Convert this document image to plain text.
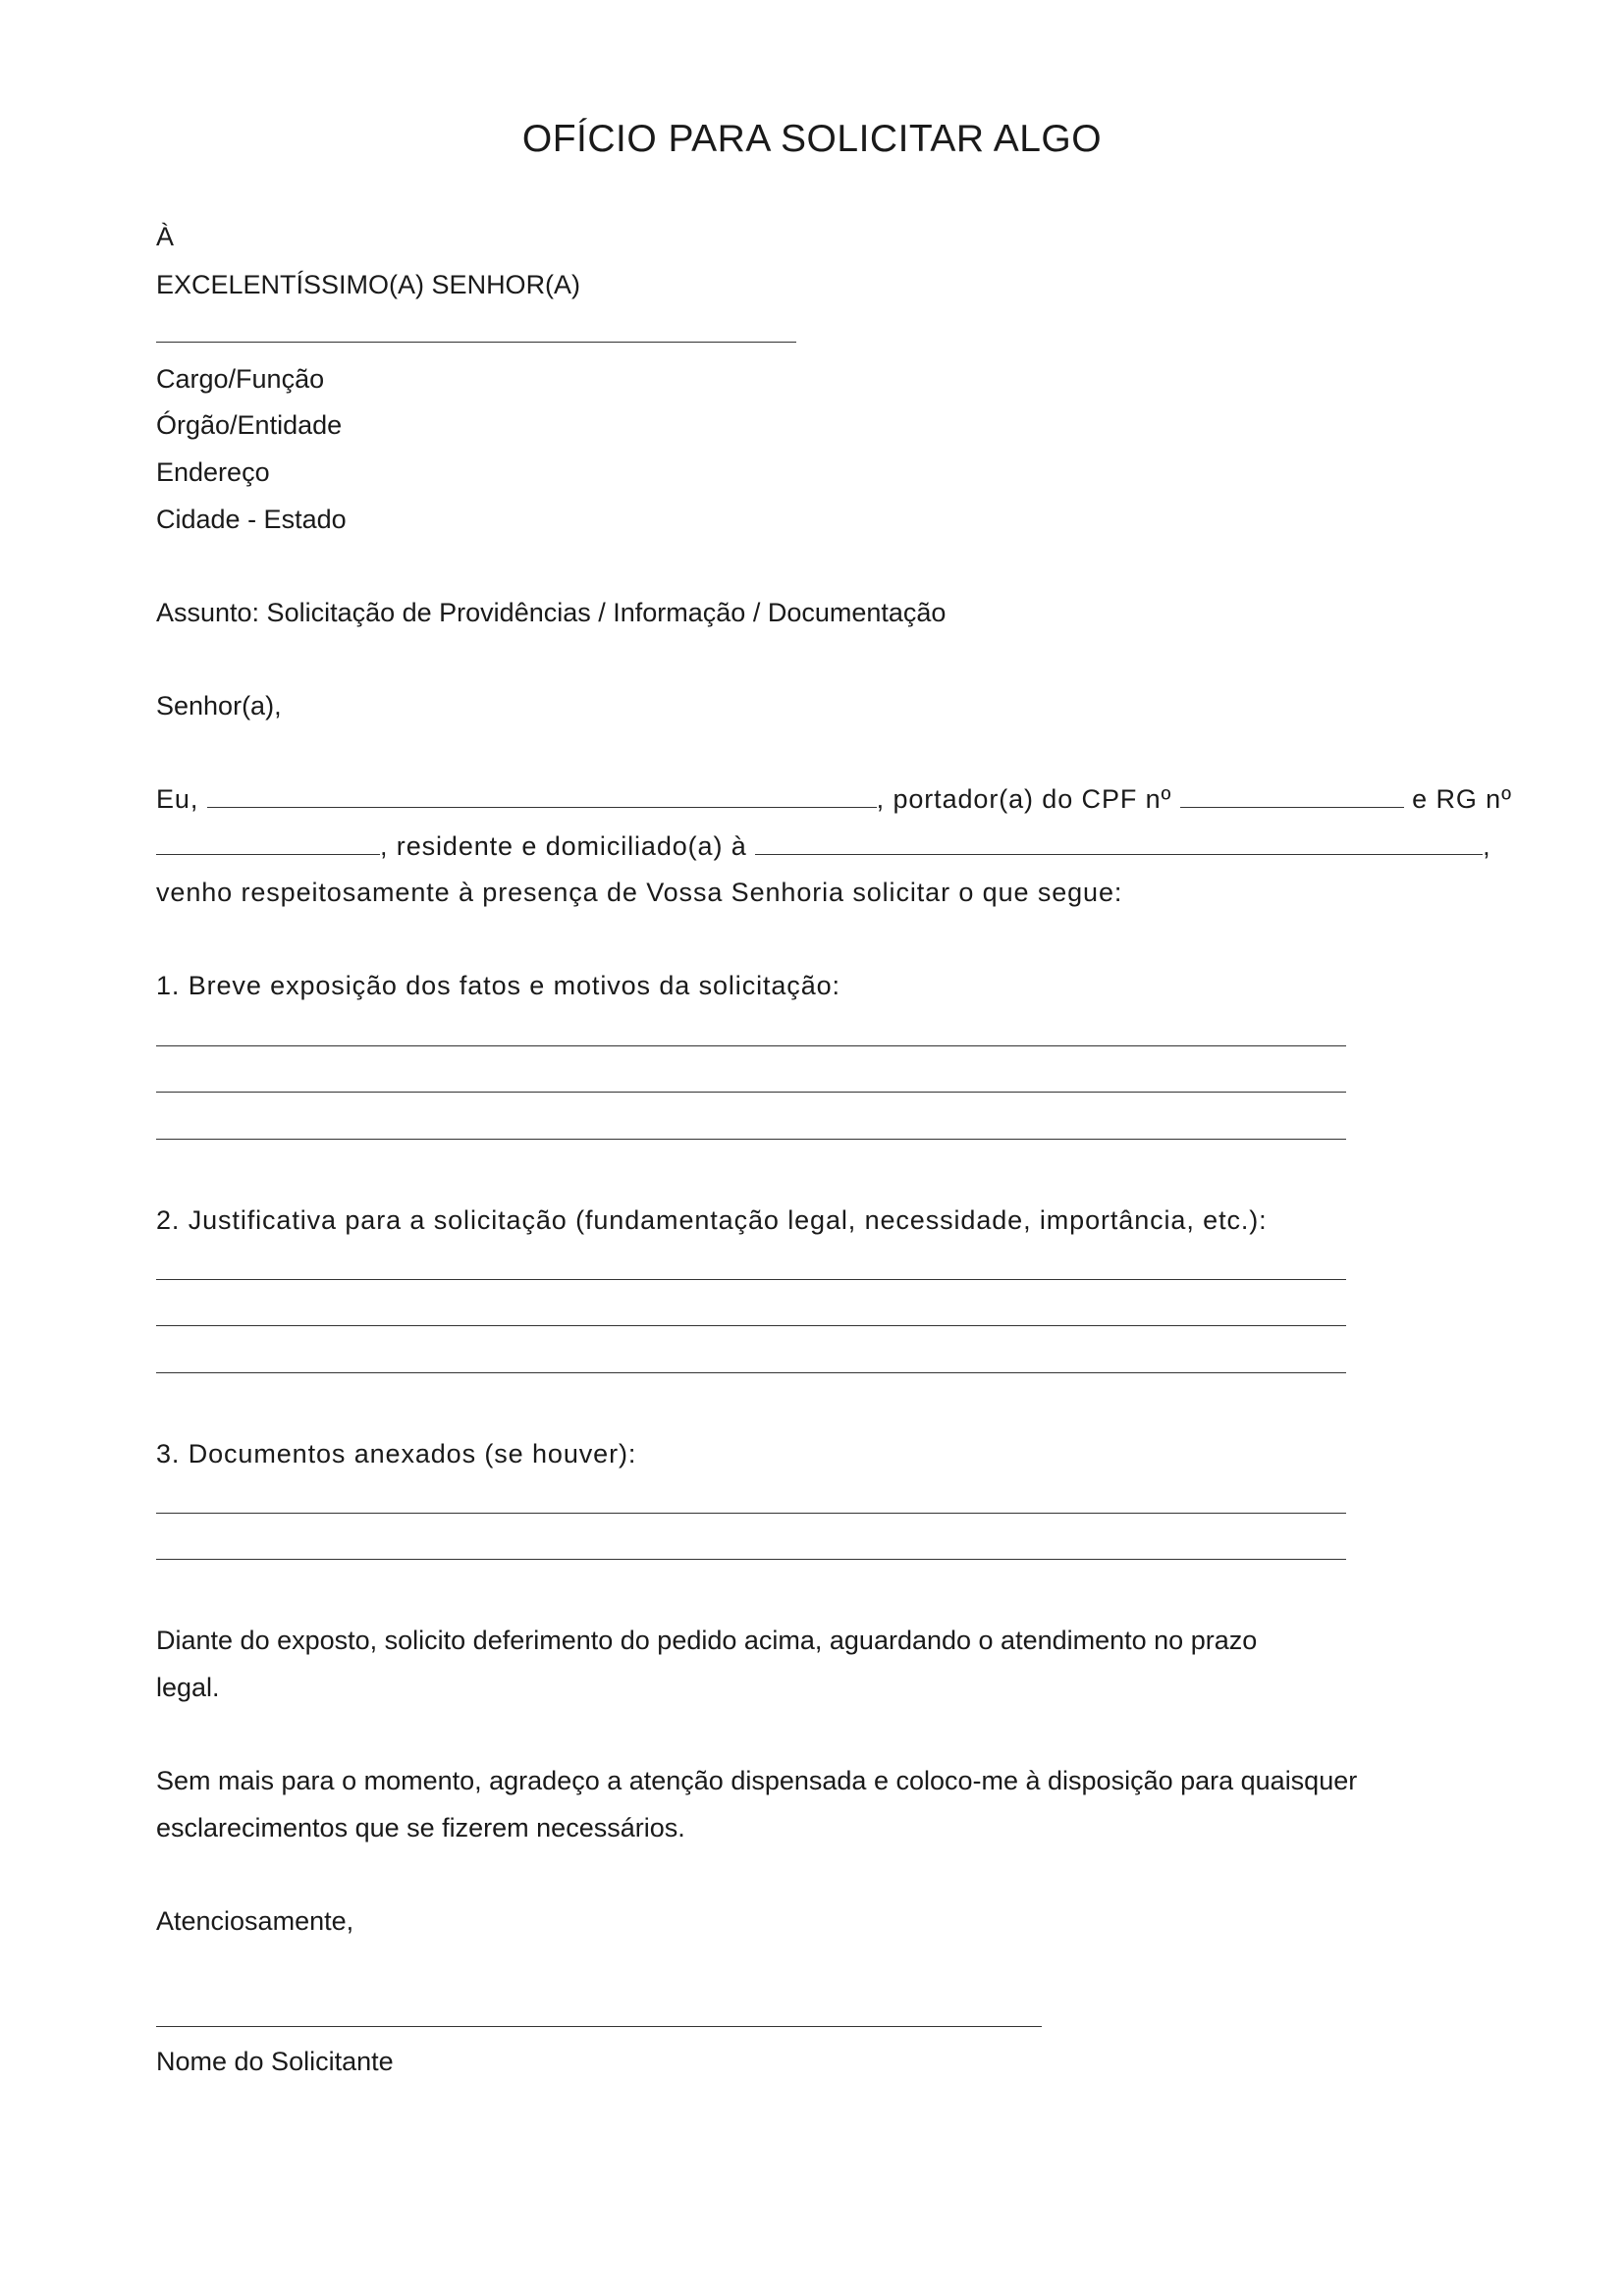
OFÍCIO PARA SOLICITAR ALGO
À
EXCELENTÍSSIMO(A) SENHOR(A)
Cargo/Função
Órgão/Entidade
Endereço
Cidade - Estado
Assunto: Solicitação de Providências / Informação / Documentação
Senhor(a),
Eu,	, portador(a) do CPF nº	e RG nº
, residente e domiciliado(a) à	,
venho respeitosamente à presença de Vossa Senhoria solicitar o que segue:
1. Breve exposição dos fatos e motivos da solicitação:
2. Justificativa para a solicitação (fundamentação legal, necessidade, importância, etc.):
3. Documentos anexados (se houver):
Diante do exposto, solicito deferimento do pedido acima, aguardando o atendimento no prazo
legal.
Sem mais para o momento, agradeço a atenção dispensada e coloco-me à disposição para quaisquer
esclarecimentos que se fizerem necessários.
Atenciosamente,
Nome do Solicitante
